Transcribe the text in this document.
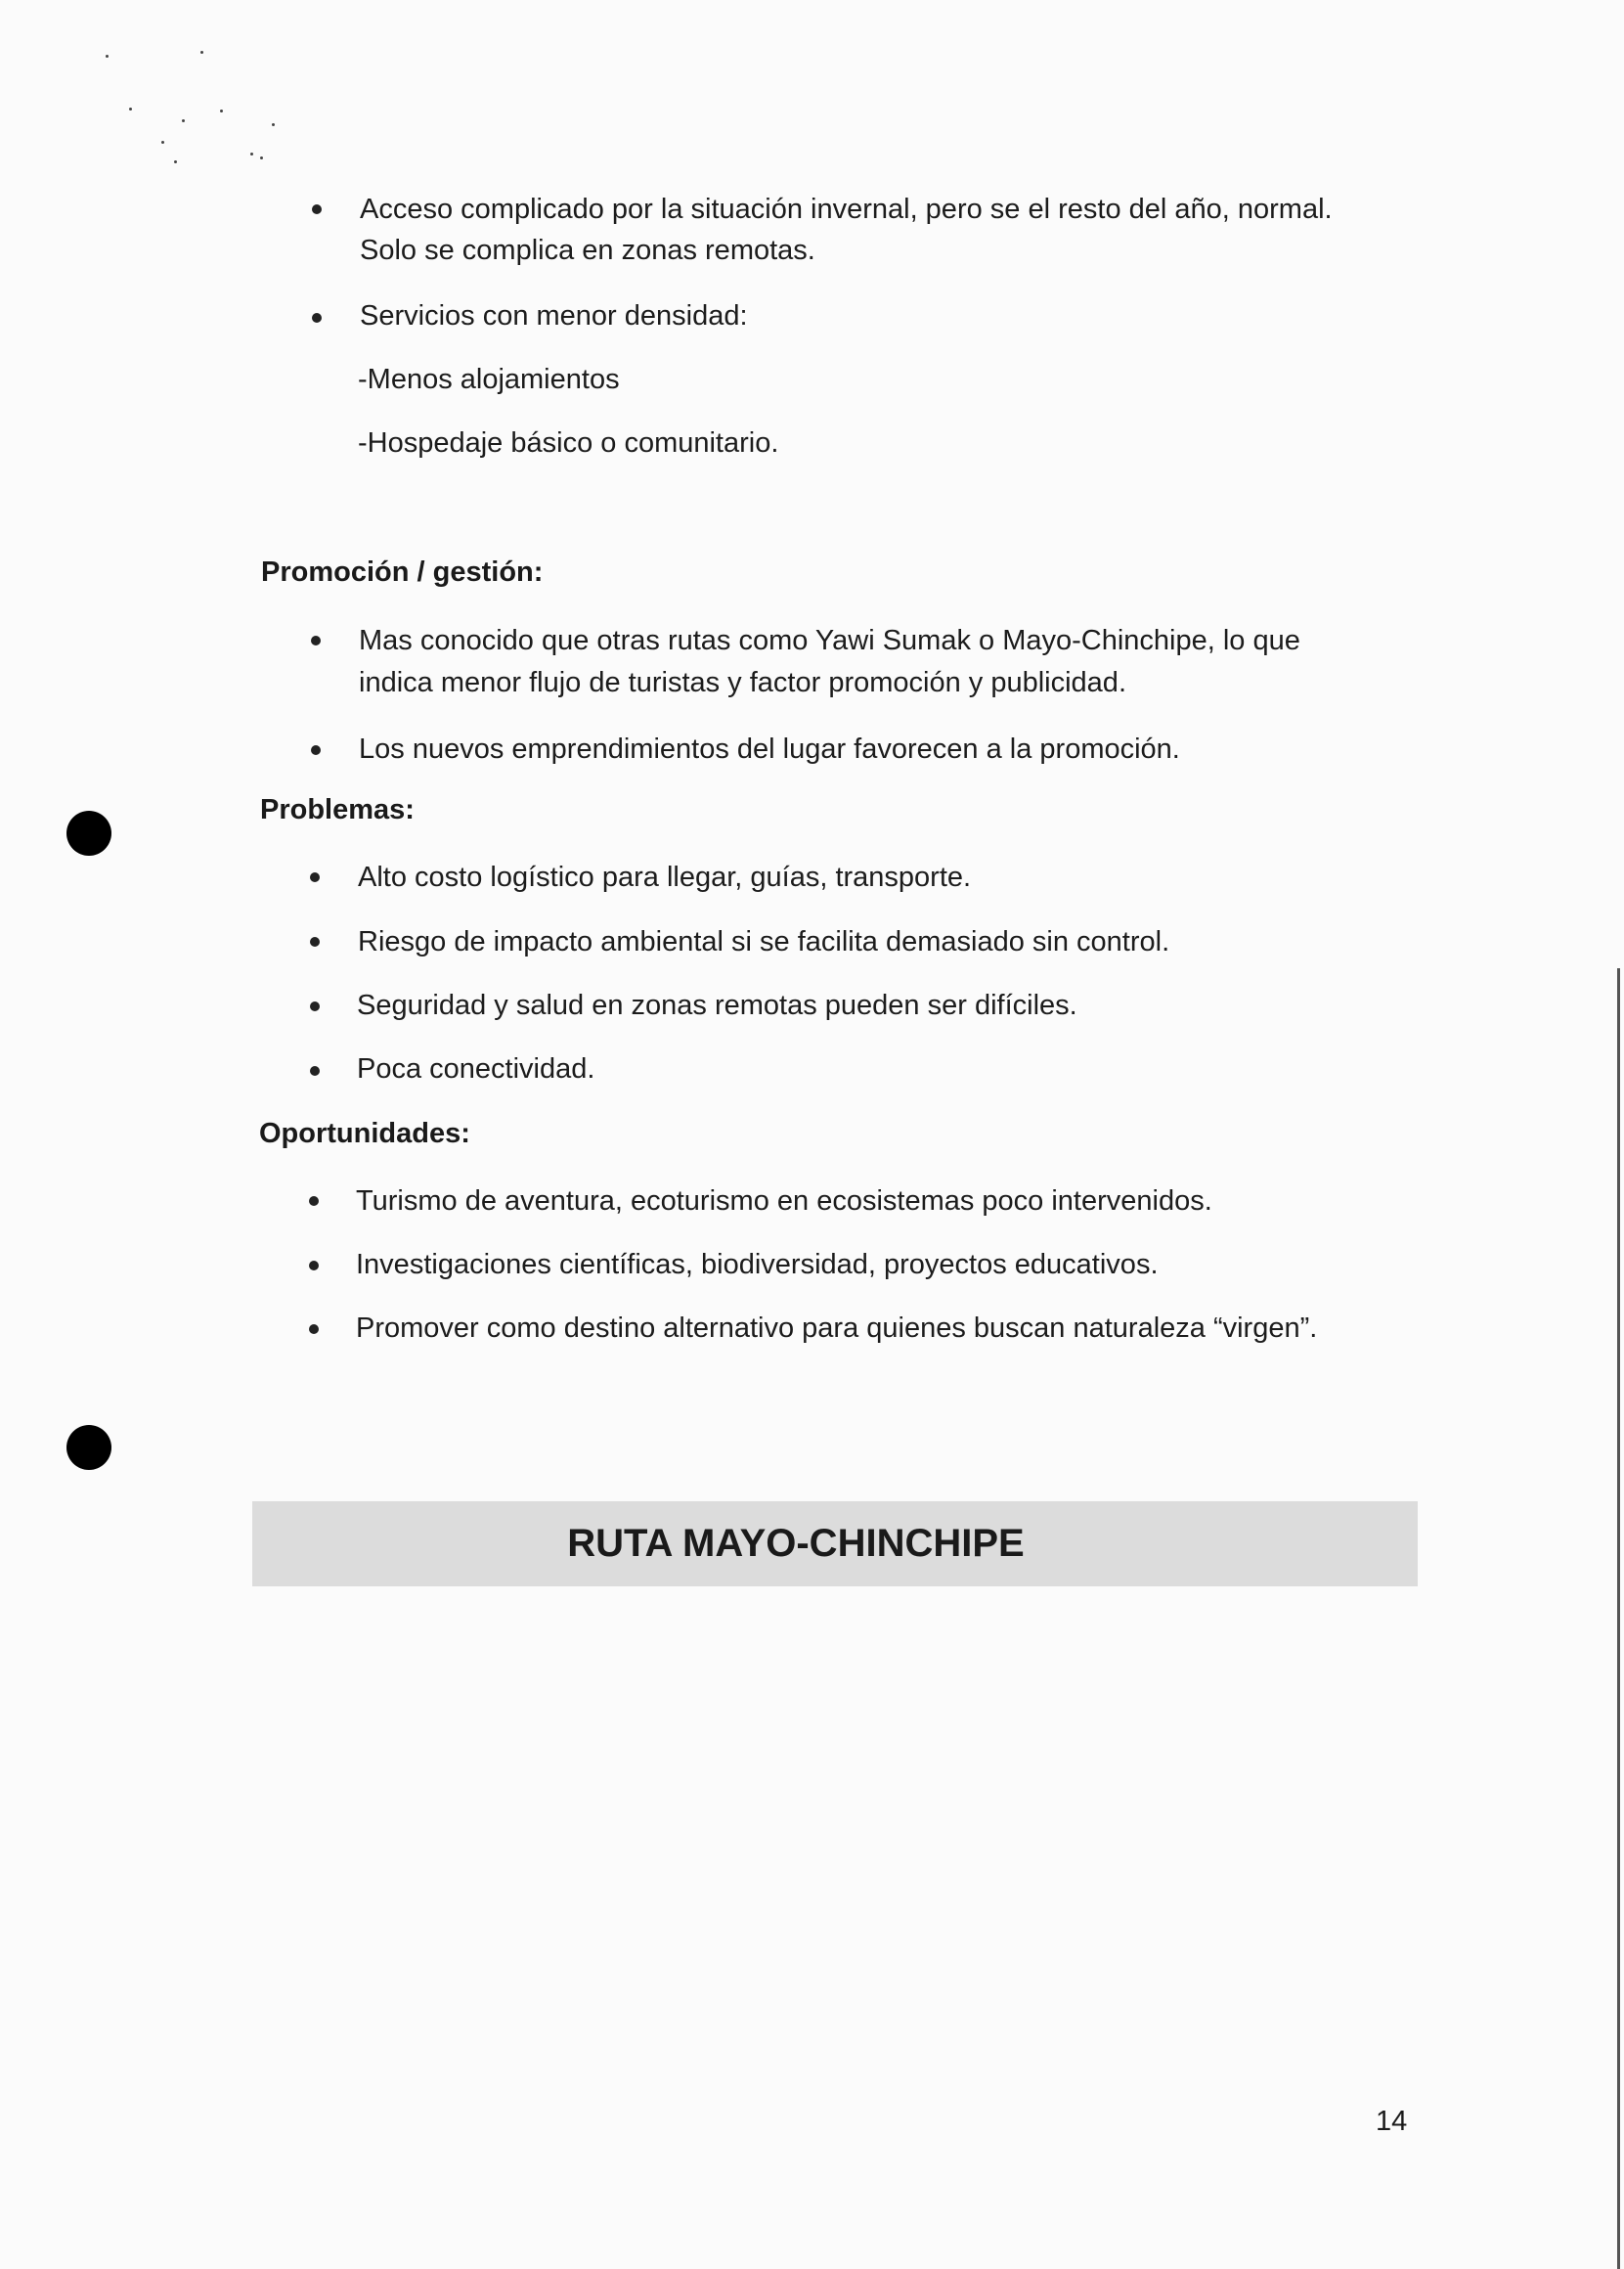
Acceso complicado por la situación invernal, pero se el resto del año, normal.
Solo se complica en zonas remotas.
Servicios con menor densidad:
-Menos alojamientos
-Hospedaje básico o comunitario.
Promoción / gestión:
Mas conocido que otras rutas como Yawi Sumak o Mayo-Chinchipe, lo que
indica menor flujo de turistas y factor promoción y publicidad.
Los nuevos emprendimientos del lugar favorecen a la promoción.
Problemas:
Alto costo logístico para llegar, guías, transporte.
Riesgo de impacto ambiental si se facilita demasiado sin control.
Seguridad y salud en zonas remotas pueden ser difíciles.
Poca conectividad.
Oportunidades:
Turismo de aventura, ecoturismo en ecosistemas poco intervenidos.
Investigaciones científicas, biodiversidad, proyectos educativos.
Promover como destino alternativo para quienes buscan naturaleza “virgen”.
RUTA MAYO-CHINCHIPE
14
